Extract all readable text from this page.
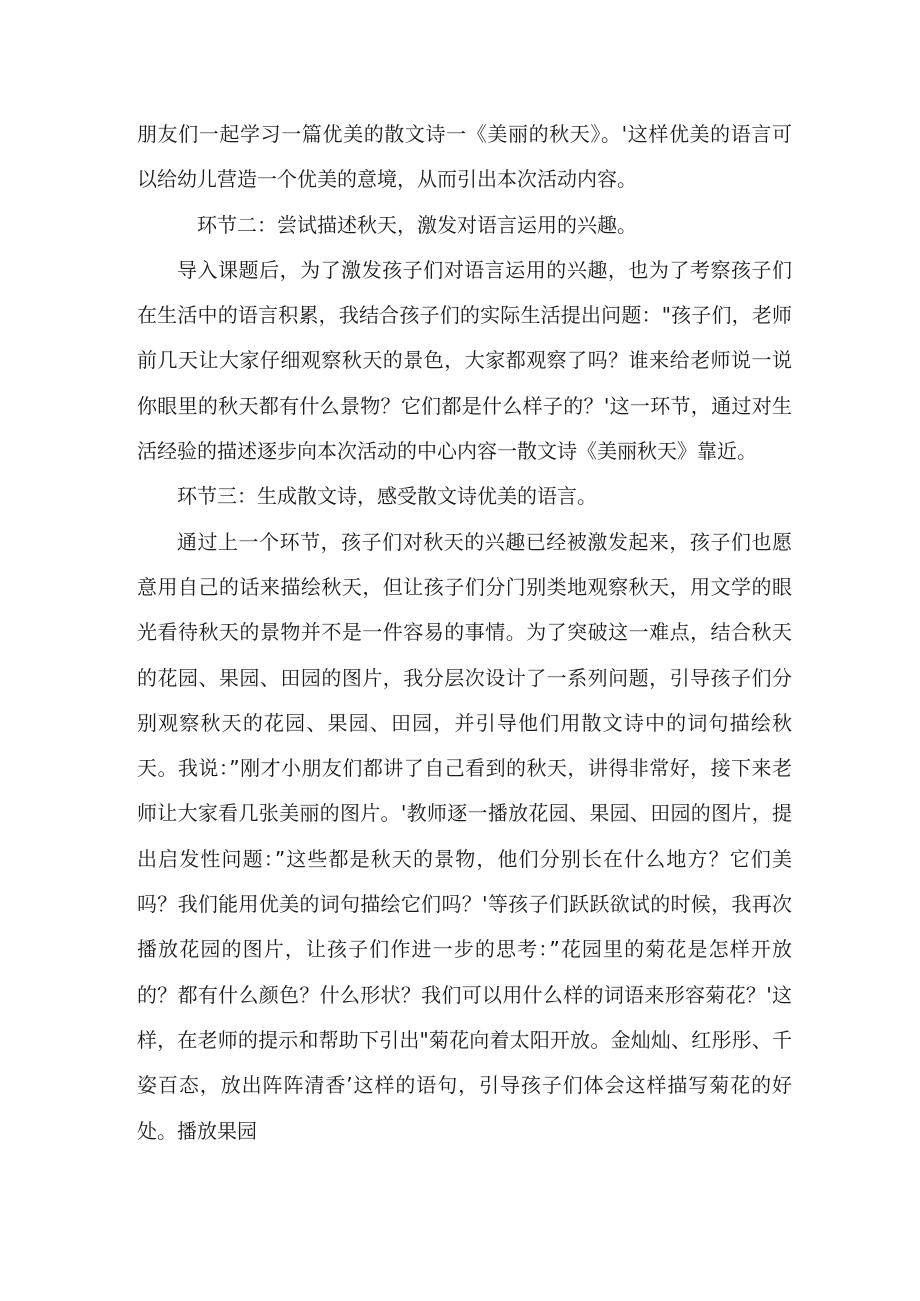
朋友们一起学习一篇优美的散文诗一《美丽的秋天》。'这样优美的语言可以给幼儿营造一个优美的意境，从而引出本次活动内容。

环节二：尝试描述秋天，激发对语言运用的兴趣。

导入课题后，为了激发孩子们对语言运用的兴趣，也为了考察孩子们在生活中的语言积累，我结合孩子们的实际生活提出问题："孩子们，老师前几天让大家仔细观察秋天的景色，大家都观察了吗？谁来给老师说一说你眼里的秋天都有什么景物？它们都是什么样子的？'这一环节，通过对生活经验的描述逐步向本次活动的中心内容一散文诗《美丽秋天》靠近。

环节三：生成散文诗，感受散文诗优美的语言。

通过上一个环节，孩子们对秋天的兴趣已经被激发起来，孩子们也愿意用自己的话来描绘秋天，但让孩子们分门别类地观察秋天，用文学的眼光看待秋天的景物并不是一件容易的事情。为了突破这一难点，结合秋天的花园、果园、田园的图片，我分层次设计了一系列问题，引导孩子们分别观察秋天的花园、果园、田园，并引导他们用散文诗中的词句描绘秋天。我说：”刚才小朋友们都讲了自己看到的秋天，讲得非常好，接下来老师让大家看几张美丽的图片。'教师逐一播放花园、果园、田园的图片，提出启发性问题：”这些都是秋天的景物，他们分别长在什么地方？它们美吗？我们能用优美的词句描绘它们吗？'等孩子们跃跃欲试的时候，我再次播放花园的图片，让孩子们作进一步的思考：”花园里的菊花是怎样开放的？都有什么颜色？什么形状？我们可以用什么样的词语来形容菊花？'这样，在老师的提示和帮助下引出"菊花向着太阳开放。金灿灿、红彤彤、千姿百态，放出阵阵清香’这样的语句，引导孩子们体会这样描写菊花的好处。播放果园
